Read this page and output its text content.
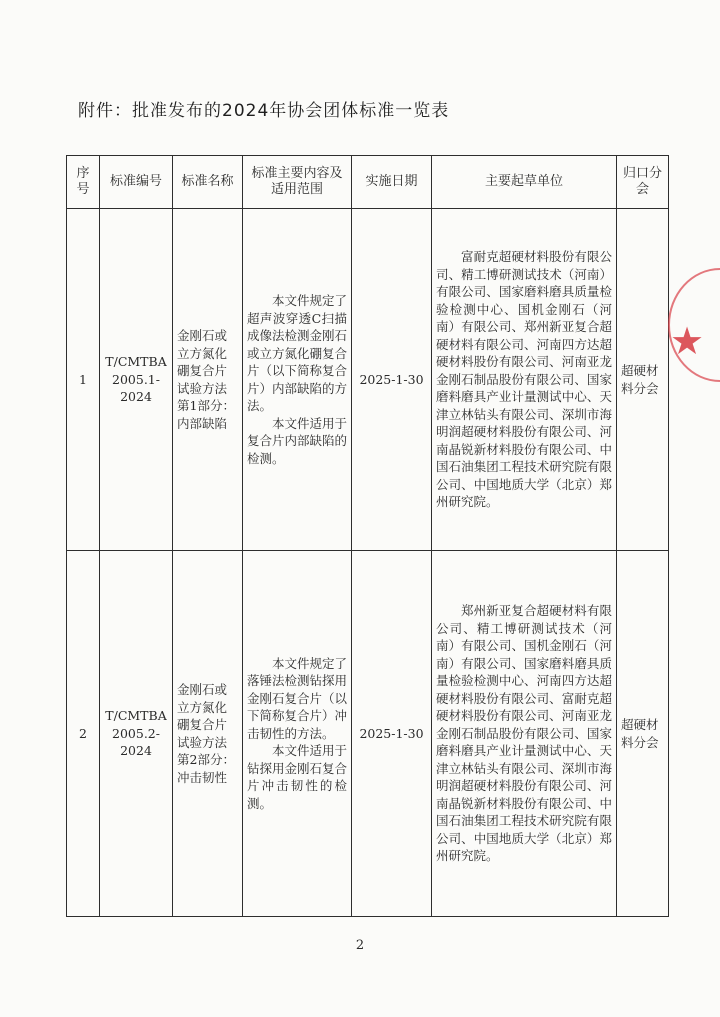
附件：批准发布的2024年协会团体标准一览表
序号	标准编号	标准名称	标准主要内容及适用范围	实施日期	主要起草单位	归口分会
1	T/CMTBA 2005.1-2024	金刚石或立方氮化硼复合片试验方法 第1部分：内部缺陷	本文件规定了超声波穿透C扫描成像法检测金刚石或立方氮化硼复合片（以下简称复合片）内部缺陷的方法。
本文件适用于复合片内部缺陷的检测。	2025-1-30	富耐克超硬材料股份有限公司、精工博研测试技术（河南）有限公司、国家磨料磨具质量检验检测中心、国机金刚石（河南）有限公司、郑州新亚复合超硬材料有限公司、河南四方达超硬材料股份有限公司、河南亚龙金刚石制品股份有限公司、国家磨料磨具产业计量测试中心、天津立林钻头有限公司、深圳市海明润超硬材料股份有限公司、河南晶锐新材料股份有限公司、中国石油集团工程技术研究院有限公司、中国地质大学（北京）郑州研究院。	超硬材料分会
2	T/CMTBA 2005.2-2024	金刚石或立方氮化硼复合片试验方法 第2部分：冲击韧性	本文件规定了落锤法检测钻探用金刚石复合片（以下简称复合片）冲击韧性的方法。
本文件适用于钻探用金刚石复合片冲击韧性的检测。	2025-1-30	郑州新亚复合超硬材料有限公司、精工博研测试技术（河南）有限公司、国机金刚石（河南）有限公司、国家磨料磨具质量检验检测中心、河南四方达超硬材料股份有限公司、富耐克超硬材料股份有限公司、河南亚龙金刚石制品股份有限公司、国家磨料磨具产业计量测试中心、天津立林钻头有限公司、深圳市海明润超硬材料股份有限公司、河南晶锐新材料股份有限公司、中国石油集团工程技术研究院有限公司、中国地质大学（北京）郑州研究院。	超硬材料分会
★
2
